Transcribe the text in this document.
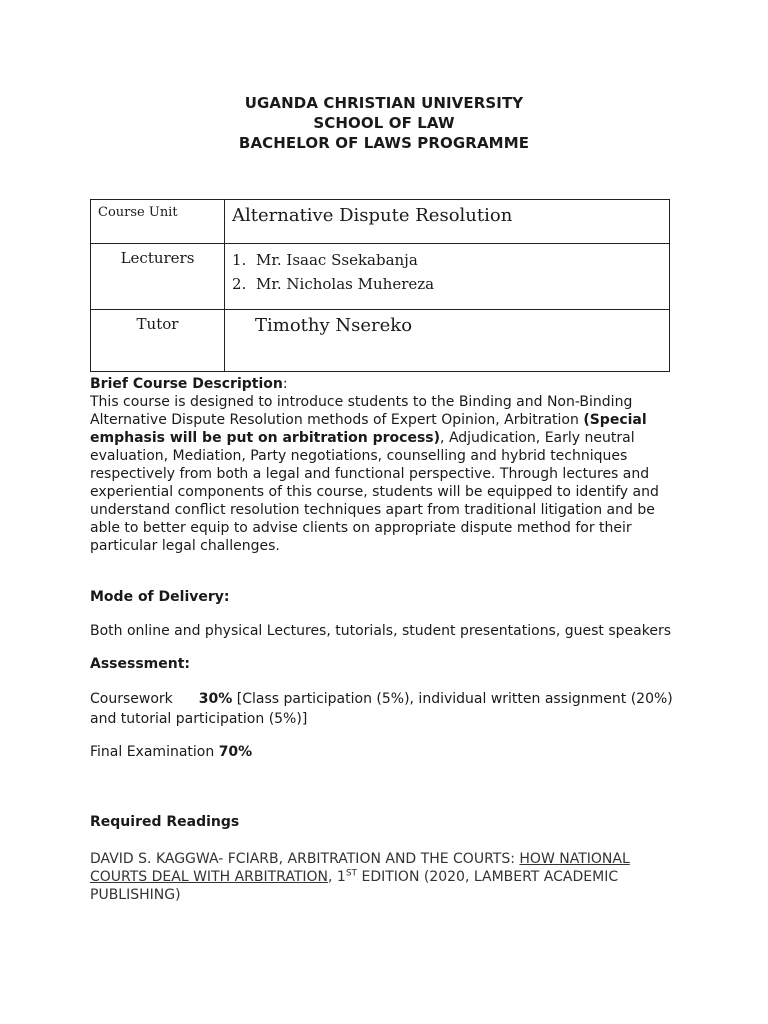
UGANDA CHRISTIAN UNIVERSITY
SCHOOL OF LAW
BACHELOR OF LAWS PROGRAMME
Course Unit	Alternative Dispute Resolution
Lecturers	1. Mr. Isaac Ssekabanja
2. Mr. Nicholas Muhereza

Tutor	Timothy Nsereko
Brief Course Description:
This course is designed to introduce students to the Binding and Non-Binding Alternative Dispute Resolution methods of Expert Opinion, Arbitration (Special emphasis will be put on arbitration process), Adjudication, Early neutral evaluation, Mediation, Party negotiations, counselling and hybrid techniques respectively from both a legal and functional perspective. Through lectures and experiential components of this course, students will be equipped to identify and understand conflict resolution techniques apart from traditional litigation and be able to better equip to advise clients on appropriate dispute method for their particular legal challenges.
Mode of Delivery:
Both online and physical Lectures, tutorials, student presentations, guest speakers
Assessment:
Coursework 30% [Class participation (5%), individual written assignment (20%) and tutorial participation (5%)]
Final Examination 70%
Required Readings
DAVID S. KAGGWA- FCIARB, ARBITRATION AND THE COURTS: HOW NATIONAL COURTS DEAL WITH ARBITRATION, 1ST EDITION (2020, LAMBERT ACADEMIC PUBLISHING)
